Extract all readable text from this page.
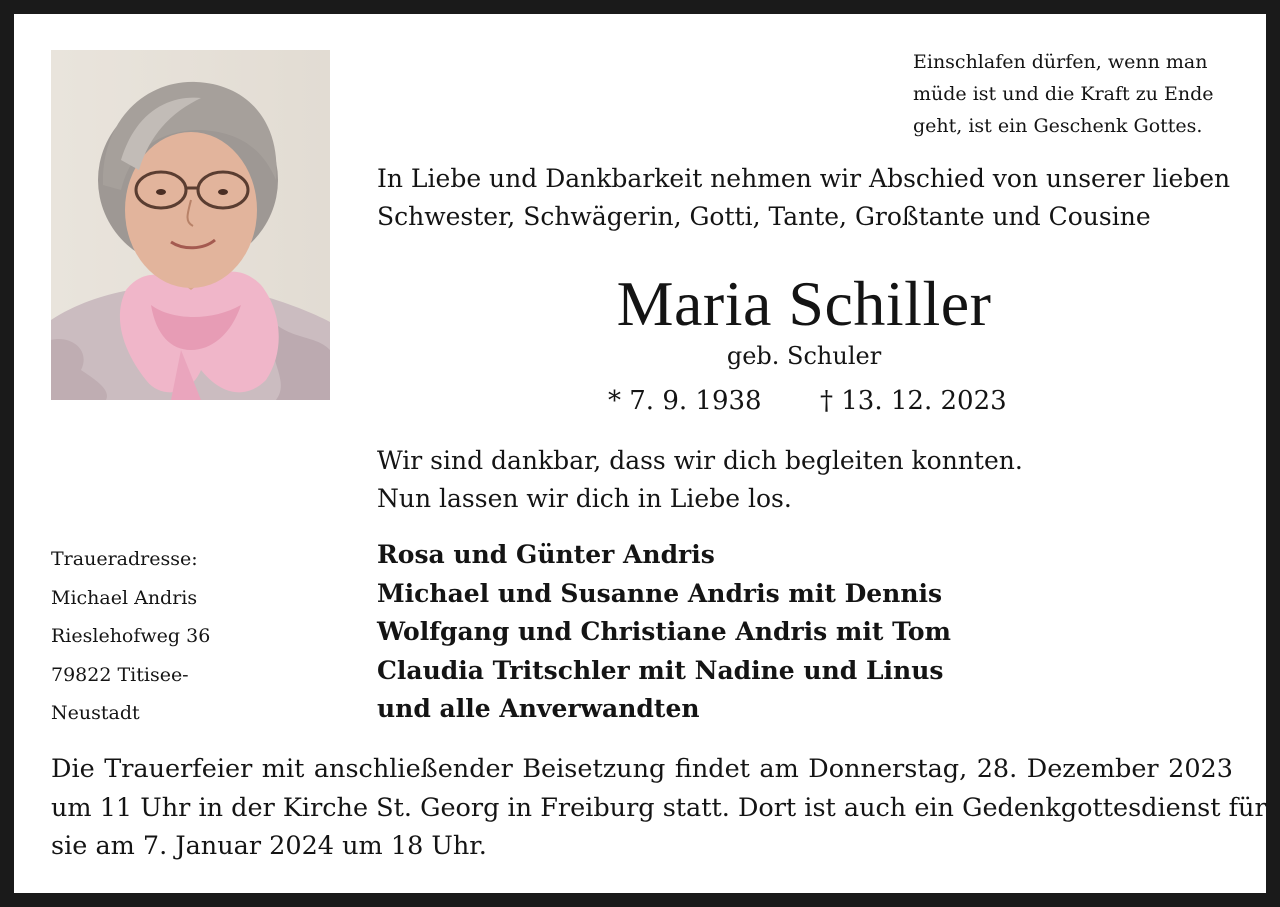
Einschlafen dürfen, wenn man
müde ist und die Kraft zu Ende
geht, ist ein Geschenk Gottes.
In Liebe und Dankbarkeit nehmen wir Abschied von unserer lieben
Schwester, Schwägerin, Gotti, Tante, Großtante und Cousine
Maria Schiller
geb. Schuler
* 7. 9. 1938 † 13. 12. 2023
Wir sind dankbar, dass wir dich begleiten konnten.
Nun lassen wir dich in Liebe los.
Traueradresse:
Michael Andris
Rieslehofweg 36
79822 Titisee-
Neustadt
Rosa und Günter Andris
Michael und Susanne Andris mit Dennis
Wolfgang und Christiane Andris mit Tom
Claudia Tritschler mit Nadine und Linus
und alle Anverwandten
Die Trauerfeier mit anschließender Beisetzung findet am Donnerstag, 28. Dezember 2023
um 11 Uhr in der Kirche St. Georg in Freiburg statt. Dort ist auch ein Gedenkgottesdienst für
sie am 7. Januar 2024 um 18 Uhr.
